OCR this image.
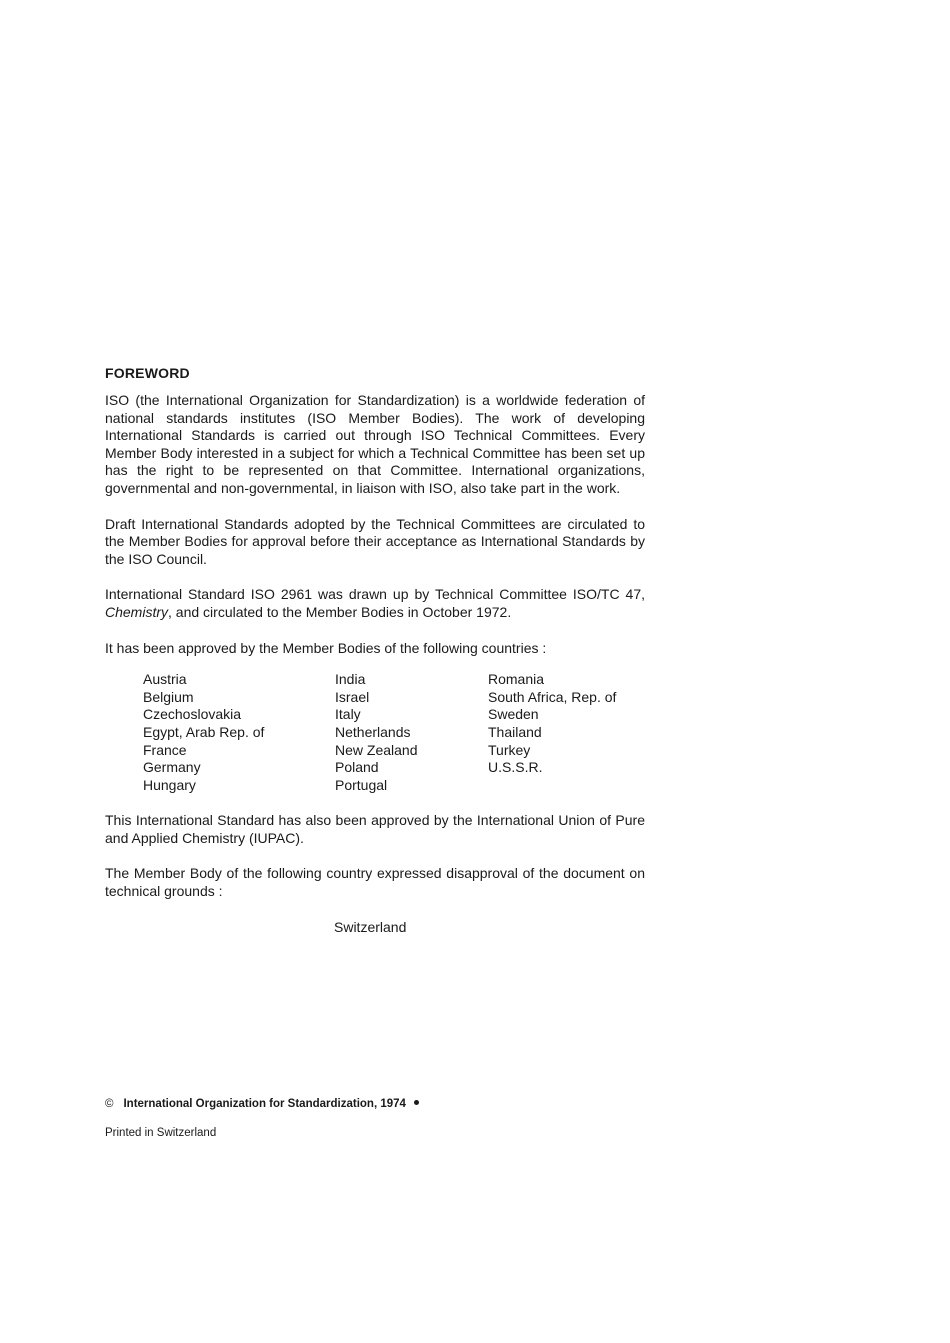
FOREWORD

ISO (the International Organization for Standardization) is a worldwide federation of national standards institutes (ISO Member Bodies). The work of developing International Standards is carried out through ISO Technical Committees. Every Member Body interested in a subject for which a Technical Committee has been set up has the right to be represented on that Committee. International organizations, governmental and non-governmental, in liaison with ISO, also take part in the work.

Draft International Standards adopted by the Technical Committees are circulated to the Member Bodies for approval before their acceptance as International Standards by the ISO Council.

International Standard ISO 2961 was drawn up by Technical Committee ISO/TC 47, Chemistry, and circulated to the Member Bodies in October 1972.

It has been approved by the Member Bodies of the following countries :

Austria
Belgium
Czechoslovakia
Egypt, Arab Rep. of
France
Germany
Hungary
India
Israel
Italy
Netherlands
New Zealand
Poland
Portugal
Romania
South Africa, Rep. of
Sweden
Thailand
Turkey
U.S.S.R.

This International Standard has also been approved by the International Union of Pure and Applied Chemistry (IUPAC).

The Member Body of the following country expressed disapproval of the document on technical grounds :

Switzerland
© International Organization for Standardization, 1974
Printed in Switzerland
